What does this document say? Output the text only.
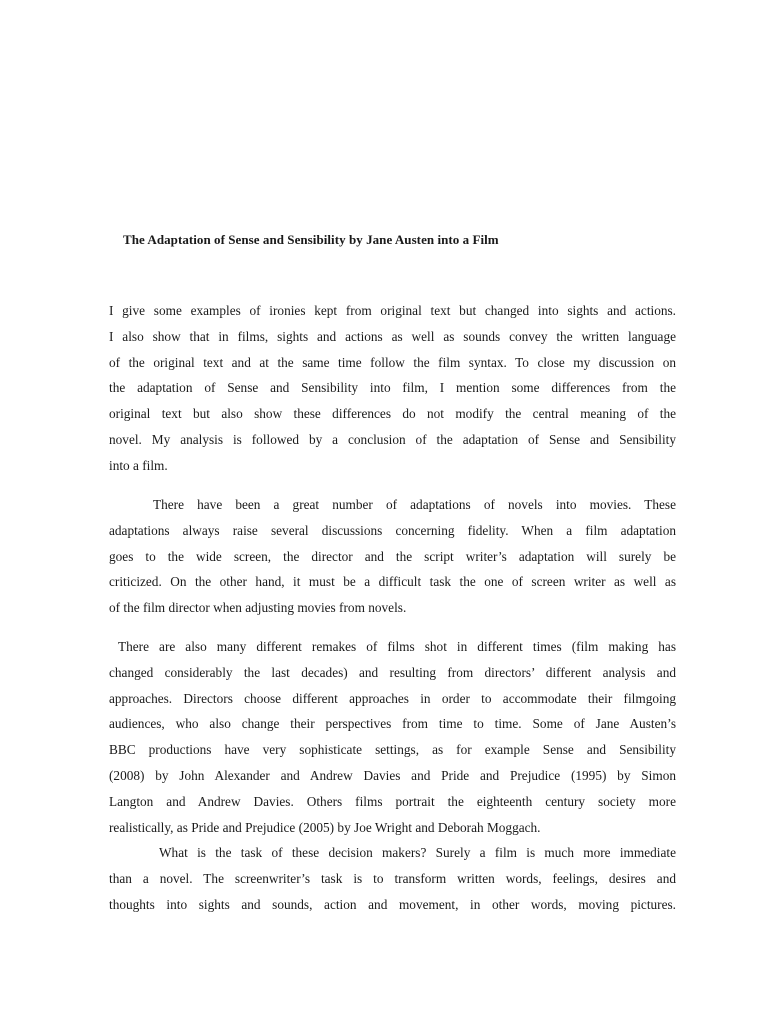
The Adaptation of Sense and Sensibility by Jane Austen into a Film
I give some examples of ironies kept from original text but changed into sights and actions.
I also show that in films, sights and actions as well as sounds convey the written language
of the original text and at the same time follow the film syntax. To close my discussion on
the adaptation of Sense and Sensibility into film, I mention some differences from the
original text but also show these differences do not modify the central meaning of the
novel. My analysis is followed by a conclusion of the adaptation of Sense and Sensibility
into a film.
There have been a great number of adaptations of novels into movies. These
adaptations always raise several discussions concerning fidelity. When a film adaptation
goes to the wide screen, the director and the script writer’s adaptation will surely be
criticized. On the other hand, it must be a difficult task the one of screen writer as well as
of the film director when adjusting movies from novels.
There are also many different remakes of films shot in different times (film making has
changed considerably the last decades) and resulting from directors’ different analysis and
approaches. Directors choose different approaches in order to accommodate their filmgoing
audiences, who also change their perspectives from time to time. Some of Jane Austen’s
BBC productions have very sophisticate settings, as for example Sense and Sensibility
(2008) by John Alexander and Andrew Davies and Pride and Prejudice (1995) by Simon
Langton and Andrew Davies. Others films portrait the eighteenth century society more
realistically, as Pride and Prejudice (2005) by Joe Wright and Deborah Moggach.
What is the task of these decision makers? Surely a film is much more immediate
than a novel. The screenwriter’s task is to transform written words, feelings, desires and
thoughts into sights and sounds, action and movement, in other words, moving pictures.
